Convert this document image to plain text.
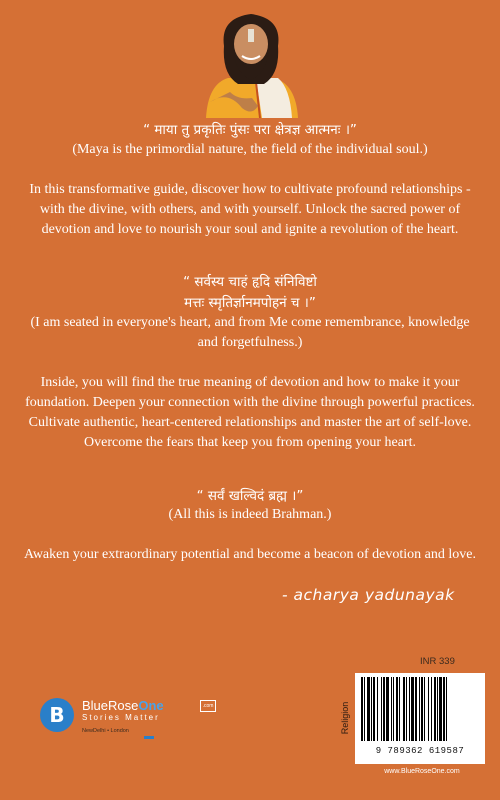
“ माया तु प्रकृतिः पुंसः परा क्षेत्रज्ञ आत्मनः ।”

(Maya is the primordial nature, the field of the individual soul.)

In this transformative guide, discover how to cultivate profound relationships - with the divine, with others, and with yourself. Unlock the sacred power of devotion and love to nourish your soul and ignite a revolution of the heart.

“ सर्वस्य चाहं हृदि संनिविष्टो

मत्तः स्मृतिर्ज्ञानमपोहनं च ।”

(I am seated in everyone's heart, and from Me come remembrance, knowledge and forgetfulness.)

Inside, you will find the true meaning of devotion and how to make it your foundation. Deepen your connection with the divine through powerful practices. Cultivate authentic, heart-centered relationships and master the art of self-love. Overcome the fears that keep you from opening your heart.

“ सर्वं खल्विदं ब्रह्म ।”

(All this is indeed Brahman.)

Awaken your extraordinary potential and become a beacon of devotion and love.

- acharya yadunayak
B	BlueRoseOne	.com
Stories Matter
NewDelhi • London
INR 339
Religion
9 789362 619587
www.BlueRoseOne.com
